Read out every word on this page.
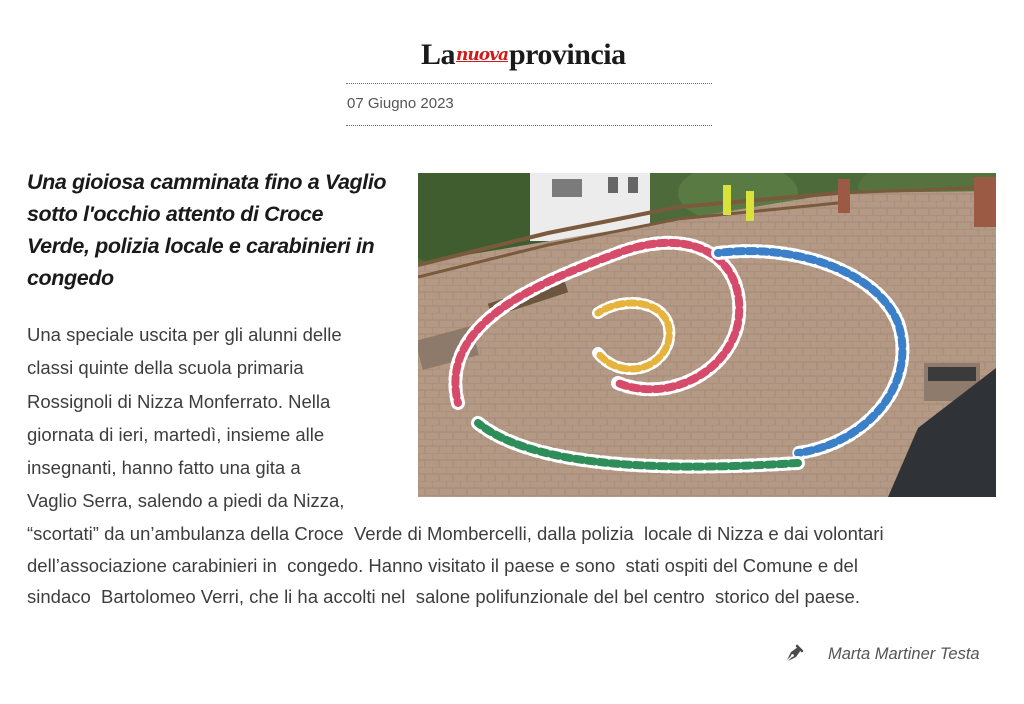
Lanuovaprovincia
07 Giugno 2023
Una gioiosa camminata fino a Vaglio sotto l'occhio attento di Croce Verde, polizia locale e carabinieri in congedo
Una speciale uscita per gli alunni delle
classi quinte della scuola primaria
Rossignoli di Nizza Monferrato. Nella
giornata di ieri, martedì, insieme alle
insegnanti, hanno fatto una gita a
Vaglio Serra, salendo a piedi da Nizza,
“scortati” da un’ambulanza della Croce  Verde di Mombercelli, dalla polizia  locale di Nizza e dai volontari
dell’associazione carabinieri in  congedo. Hanno visitato il paese e sono  stati ospiti del Comune e del
sindaco  Bartolomeo Verri, che li ha accolti nel  salone polifunzionale del bel centro  storico del paese.
Marta Martiner Testa
